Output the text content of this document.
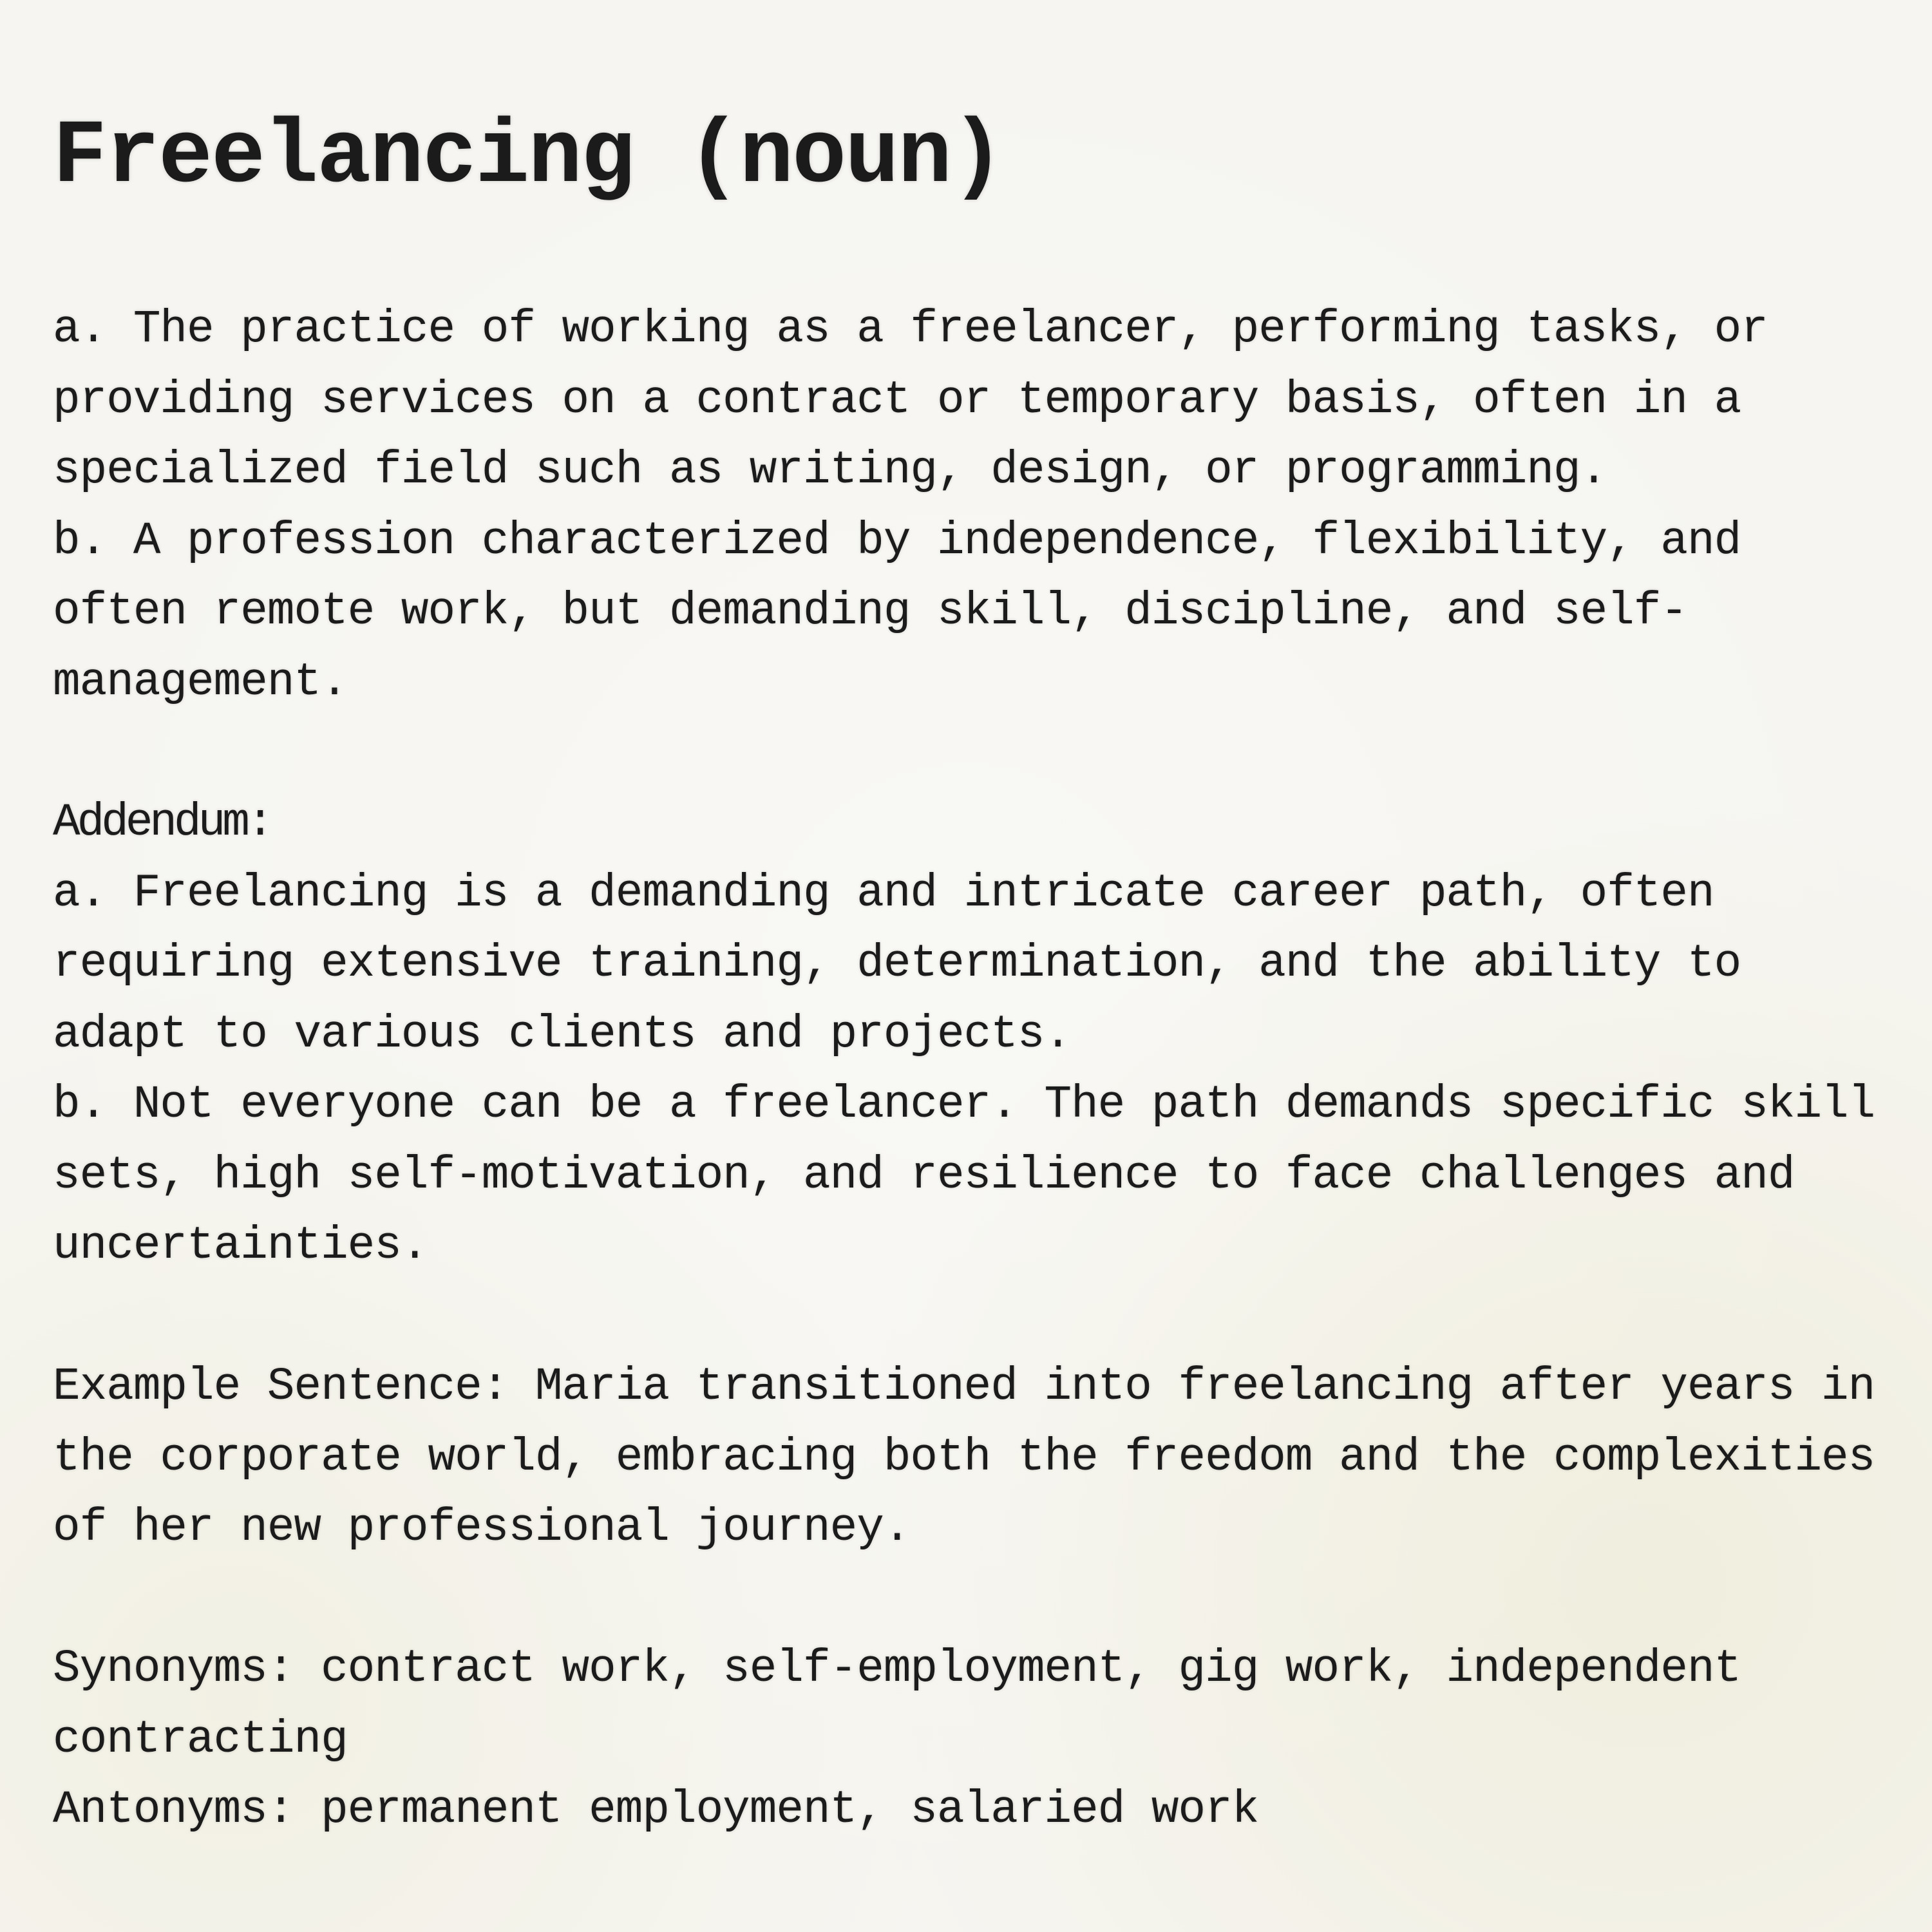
Freelancing (noun)
a. The practice of working as a freelancer, performing tasks, or
providing services on a contract or temporary basis, often in a
specialized field such as writing, design, or programming.
b. A profession characterized by independence, flexibility, and
often remote work, but demanding skill, discipline, and self-
management.
Addendum:
a. Freelancing is a demanding and intricate career path, often
requiring extensive training, determination, and the ability to
adapt to various clients and projects.
b. Not everyone can be a freelancer. The path demands specific skill
sets, high self-motivation, and resilience to face challenges and
uncertainties.
Example Sentence: Maria transitioned into freelancing after years in
the corporate world, embracing both the freedom and the complexities
of her new professional journey.
Synonyms: contract work, self-employment, gig work, independent
contracting
Antonyms: permanent employment, salaried work
